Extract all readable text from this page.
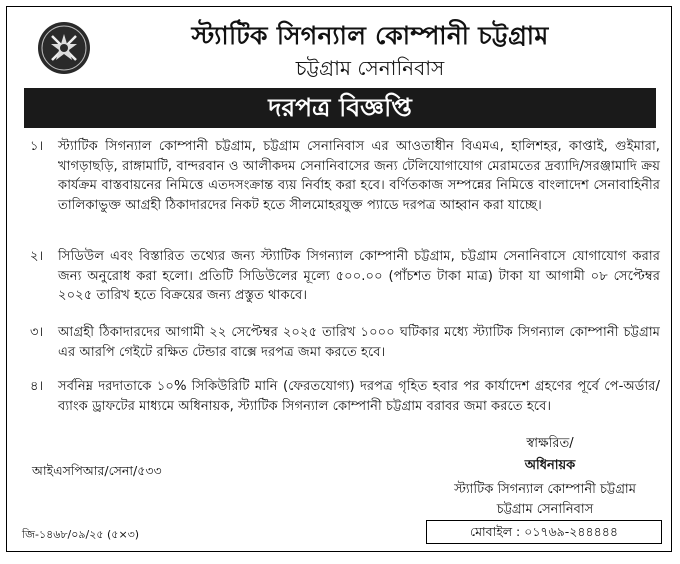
স্ট্যাটিক সিগন্যাল কোম্পানী চট্টগ্রাম
চট্টগ্রাম সেনানিবাস
দরপত্র বিজ্ঞপ্তি
১। স্ট্যাটিক সিগন্যাল কোম্পানী চট্টগ্রাম, চট্টগ্রাম সেনানিবাস এর আওতাধীন বিএমএ, হালিশহর, কাপ্তাই, গুইমারা, খাগড়াছড়ি, রাঙ্গামাটি, বান্দরবান ও আলীকদম সেনানিবাসের জন্য টেলিযোগাযোগ মেরামতের দ্রব্যাদি/সরঞ্জামাদি ক্রয় কার্যক্রম বাস্তবায়নের নিমিত্তে এতদসংক্রান্ত ব্যয় নির্বাহ করা হবে। বর্ণিতকাজ সম্পন্নের নিমিত্তে বাংলাদেশ সেনাবাহিনীর তালিকাভুক্ত আগ্রহী ঠিকাদারদের নিকট হতে সীলমোহরযুক্ত প্যাডে দরপত্র আহ্বান করা যাচ্ছে।
২। সিডিউল এবং বিস্তারিত তথ্যের জন্য স্ট্যাটিক সিগন্যাল কোম্পানী চট্টগ্রাম, চট্টগ্রাম সেনানিবাসে যোগাযোগ করার জন্য অনুরোধ করা হলো। প্রতিটি সিডিউলের মূল্যে ৫০০.০০ (পাঁচশত টাকা মাত্র) টাকা যা আগামী ০৮ সেপ্টেম্বর ২০২৫ তারিখ হতে বিক্রয়ের জন্য প্রস্তুত থাকবে।
৩। আগ্রহী ঠিকাদারদের আগামী ২২ সেপ্টেম্বর ২০২৫ তারিখ ১০০০ ঘটিকার মধ্যে স্ট্যাটিক সিগন্যাল কোম্পানী চট্টগ্রাম এর আরপি গেইটে রক্ষিত টেন্ডার বাক্সে দরপত্র জমা করতে হবে।
৪। সর্বনিম্ন দরদাতাকে ১০% সিকিউরিটি মানি (ফেরতযোগ্য) দরপত্র গৃহিত হবার পর কার্যাদেশ গ্রহণের পূর্বে পে-অর্ডার/ব্যাংক ড্রাফটের মাধ্যমে অধিনায়ক, স্ট্যাটিক সিগন্যাল কোম্পানী চট্টগ্রাম বরাবর জমা করতে হবে।
আইএসপিআর/সেনা/৫৩৩
স্বাক্ষরিত/
অধিনায়ক
স্ট্যাটিক সিগন্যাল কোম্পানী চট্টগ্রাম
চট্টগ্রাম সেনানিবাস
মোবাইল : ০১৭৬৯-২৪৪৪৪৪
জি-১৪৬৮/০৯/২৫ (৫×৩)
